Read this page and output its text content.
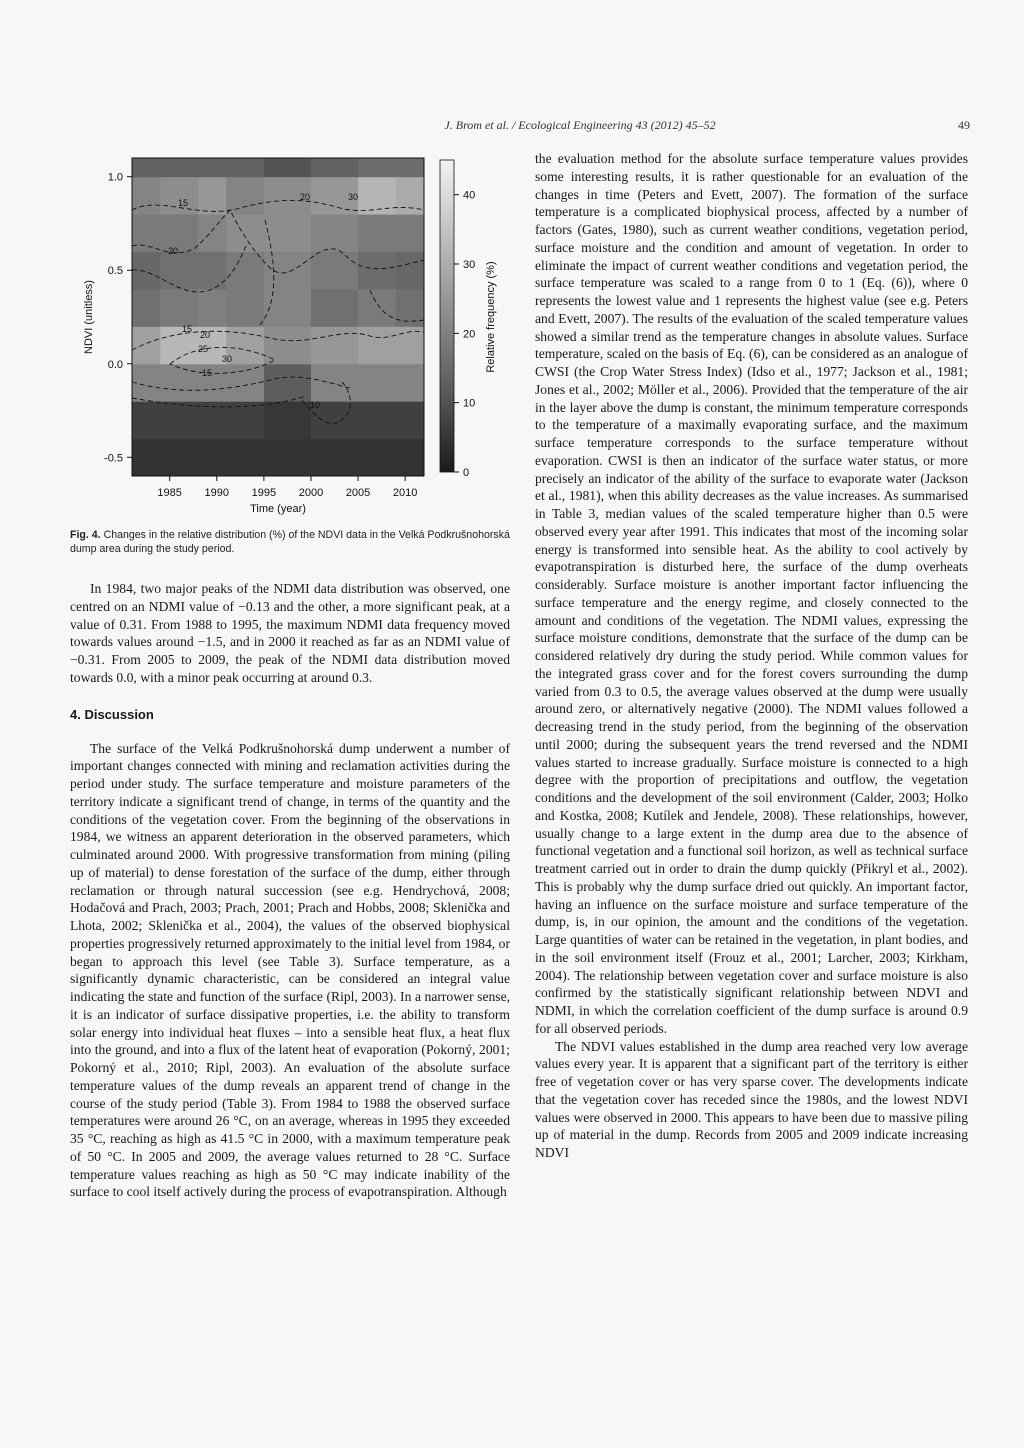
J. Brom et al. / Ecological Engineering 43 (2012) 45–52	49
15
20
20	30
15
20
25
30
15
10
1985 1990 1995 2000 2005 2010
1.0
0.5
0.0
-0.5
Time (year)
NDVI (unitless)
40
30
20
10
0
Relative frequency (%)
Fig. 4. Changes in the relative distribution (%) of the NDVI data in the Velká Podkrušnohorská dump area during the study period.

In 1984, two major peaks of the NDMI data distribution was observed, one centred on an NDMI value of −0.13 and the other, a more significant peak, at a value of 0.31. From 1988 to 1995, the maximum NDMI data frequency moved towards values around −1.5, and in 2000 it reached as far as an NDMI value of −0.31. From 2005 to 2009, the peak of the NDMI data distribution moved towards 0.0, with a minor peak occurring at around 0.3.

4. Discussion

The surface of the Velká Podkrušnohorská dump underwent a number of important changes connected with mining and reclamation activities during the period under study. The surface temperature and moisture parameters of the territory indicate a significant trend of change, in terms of the quantity and the conditions of the vegetation cover. From the beginning of the observations in 1984, we witness an apparent deterioration in the observed parameters, which culminated around 2000. With progressive transformation from mining (piling up of material) to dense forestation of the surface of the dump, either through reclamation or through natural succession (see e.g. Hendrychová, 2008; Hodačová and Prach, 2003; Prach, 2001; Prach and Hobbs, 2008; Sklenička and Lhota, 2002; Sklenička et al., 2004), the values of the observed biophysical properties progressively returned approximately to the initial level from 1984, or began to approach this level (see Table 3). Surface temperature, as a significantly dynamic characteristic, can be considered an integral value indicating the state and function of the surface (Ripl, 2003). In a narrower sense, it is an indicator of surface dissipative properties, i.e. the ability to transform solar energy into individual heat fluxes – into a sensible heat flux, a heat flux into the ground, and into a flux of the latent heat of evaporation (Pokorný, 2001; Pokorný et al., 2010; Ripl, 2003). An evaluation of the absolute surface temperature values of the dump reveals an apparent trend of change in the course of the study period (Table 3). From 1984 to 1988 the observed surface temperatures were around 26 °C, on an average, whereas in 1995 they exceeded 35 °C, reaching as high as 41.5 °C in 2000, with a maximum temperature peak of 50 °C. In 2005 and 2009, the average values returned to 28 °C. Surface temperature values reaching as high as 50 °C may indicate inability of the surface to cool itself actively during the process of evapotranspiration. Although

the evaluation method for the absolute surface temperature values provides some interesting results, it is rather questionable for an evaluation of the changes in time (Peters and Evett, 2007). The formation of the surface temperature is a complicated biophysical process, affected by a number of factors (Gates, 1980), such as current weather conditions, vegetation period, surface moisture and the condition and amount of vegetation. In order to eliminate the impact of current weather conditions and vegetation period, the surface temperature was scaled to a range from 0 to 1 (Eq. (6)), where 0 represents the lowest value and 1 represents the highest value (see e.g. Peters and Evett, 2007). The results of the evaluation of the scaled temperature values showed a similar trend as the temperature changes in absolute values. Surface temperature, scaled on the basis of Eq. (6), can be considered as an analogue of CWSI (the Crop Water Stress Index) (Idso et al., 1977; Jackson et al., 1981; Jones et al., 2002; Möller et al., 2006). Provided that the temperature of the air in the layer above the dump is constant, the minimum temperature corresponds to the temperature of a maximally evaporating surface, and the maximum surface temperature corresponds to the surface temperature without evaporation. CWSI is then an indicator of the surface water status, or more precisely an indicator of the ability of the surface to evaporate water (Jackson et al., 1981), when this ability decreases as the value increases. As summarised in Table 3, median values of the scaled temperature higher than 0.5 were observed every year after 1991. This indicates that most of the incoming solar energy is transformed into sensible heat. As the ability to cool actively by evapotranspiration is disturbed here, the surface of the dump overheats considerably. Surface moisture is another important factor influencing the surface temperature and the energy regime, and closely connected to the amount and conditions of the vegetation. The NDMI values, expressing the surface moisture conditions, demonstrate that the surface of the dump can be considered relatively dry during the study period. While common values for the integrated grass cover and for the forest covers surrounding the dump varied from 0.3 to 0.5, the average values observed at the dump were usually around zero, or alternatively negative (2000). The NDMI values followed a decreasing trend in the study period, from the beginning of the observation until 2000; during the subsequent years the trend reversed and the NDMI values started to increase gradually. Surface moisture is connected to a high degree with the proportion of precipitations and outflow, the vegetation conditions and the development of the soil environment (Calder, 2003; Holko and Kostka, 2008; Kutílek and Jendele, 2008). These relationships, however, usually change to a large extent in the dump area due to the absence of functional vegetation and a functional soil horizon, as well as technical surface treatment carried out in order to drain the dump quickly (Přikryl et al., 2002). This is probably why the dump surface dried out quickly. An important factor, having an influence on the surface moisture and surface temperature of the dump, is, in our opinion, the amount and the conditions of the vegetation. Large quantities of water can be retained in the vegetation, in plant bodies, and in the soil environment itself (Frouz et al., 2001; Larcher, 2003; Kirkham, 2004). The relationship between vegetation cover and surface moisture is also confirmed by the statistically significant relationship between NDVI and NDMI, in which the correlation coefficient of the dump surface is around 0.9 for all observed periods.

The NDVI values established in the dump area reached very low average values every year. It is apparent that a significant part of the territory is either free of vegetation cover or has very sparse cover. The developments indicate that the vegetation cover has receded since the 1980s, and the lowest NDVI values were observed in 2000. This appears to have been due to massive piling up of material in the dump. Records from 2005 and 2009 indicate increasing NDVI
